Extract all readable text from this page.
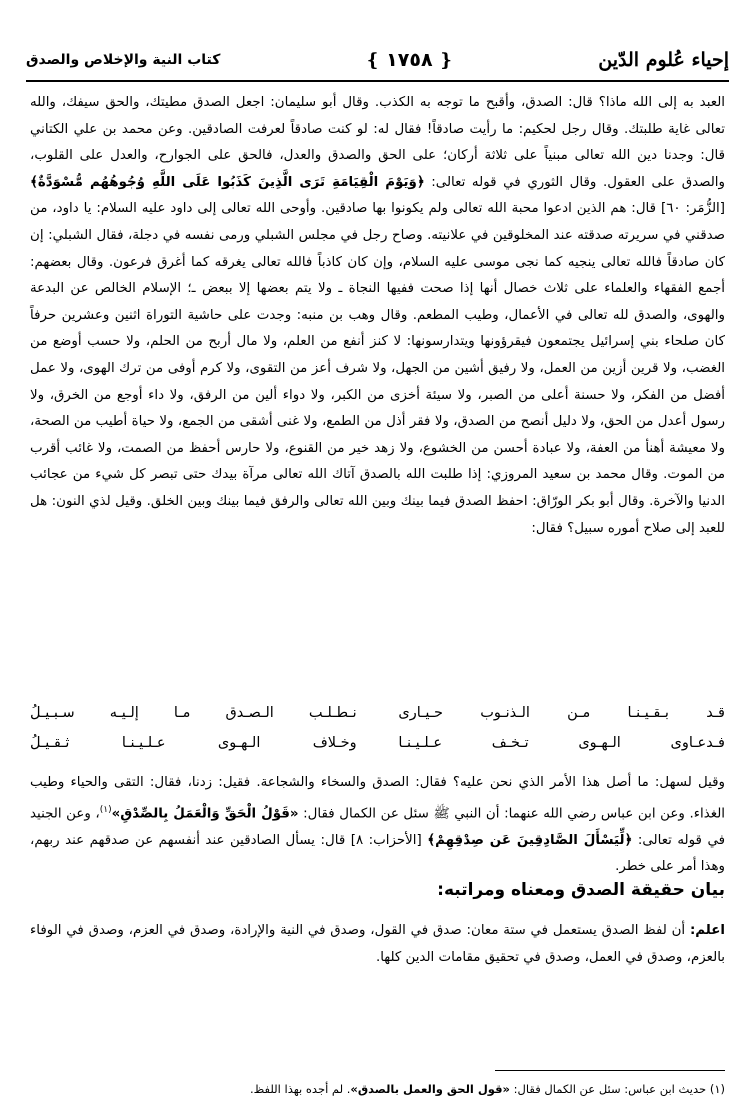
إحياء عُلوم الدّين
❴
١٧٥٨
❵
كتاب النية والإخلاص والصدق

العبد به إلى الله ماذا؟ قال: الصدق، وأقبح ما توجه به الكذب. وقال أبو سليمان: اجعل الصدق مطيتك، والحق سيفك، والله تعالى غاية طلبتك. وقال رجل لحكيم: ما رأيت صادقاً! فقال له: لو كنت صادقاً لعرفت الصادقين. وعن محمد بن علي الكتاني قال: وجدنا دين الله تعالى مبنياً على ثلاثة أركان؛ على الحق والصدق والعدل، فالحق على الجوارح، والعدل على القلوب، والصدق على العقول. وقال الثوري في قوله تعالى: ﴿وَيَوْمَ الْقِيَامَةِ تَرَى الَّذِينَ كَذَبُوا عَلَى اللَّهِ وُجُوهُهُم مُّسْوَدَّةٌ﴾ [الزُّمَر: ٦٠] قال: هم الذين ادعوا محبة الله تعالى ولم يكونوا بها صادقين. وأوحى الله تعالى إلى داود عليه السلام: يا داود، من صدقني في سريرته صدقته عند المخلوقين في علانيته. وصاح رجل في مجلس الشبلي ورمى نفسه في دجلة، فقال الشبلي: إن كان صادقاً فالله تعالى ينجيه كما نجى موسى عليه السلام، وإن كان كاذباً فالله تعالى يغرقه كما أغرق فرعون. وقال بعضهم: أجمع الفقهاء والعلماء على ثلاث خصال أنها إذا صحت ففيها النجاة ـ ولا يتم بعضها إلا ببعض ـ؛ الإسلام الخالص عن البدعة والهوى، والصدق لله تعالى في الأعمال، وطيب المطعم. وقال وهب بن منبه: وجدت على حاشية التوراة اثنين وعشرين حرفاً كان صلحاء بني إسرائيل يجتمعون فيقرؤونها ويتدارسونها: لا كنز أنفع من العلم، ولا مال أربح من الحلم، ولا حسب أوضع من الغضب، ولا قرين أزين من العمل، ولا رفيق أشين من الجهل، ولا شرف أعز من التقوى، ولا كرم أوفى من ترك الهوى، ولا عمل أفضل من الفكر، ولا حسنة أعلى من الصبر، ولا سيئة أخزى من الكبر، ولا دواء ألين من الرفق، ولا داء أوجع من الخرق، ولا رسول أعدل من الحق، ولا دليل أنصح من الصدق، ولا فقر أذل من الطمع، ولا غنى أشقى من الجمع، ولا حياة أطيب من الصحة، ولا معيشة أهنأ من العفة، ولا عبادة أحسن من الخشوع، ولا زهد خير من القنوع، ولا حارس أحفظ من الصمت، ولا غائب أقرب من الموت. وقال محمد بن سعيد المروزي: إذا طلبت الله بالصدق آتاك الله تعالى مرآة بيدك حتى تبصر كل شيء من عجائب الدنيا والآخرة. وقال أبو بكر الورّاق: احفظ الصدق فيما بينك وبين الله تعالى والرفق فيما بينك وبين الخلق. وقيل لذي النون: هل للعبد إلى صلاح أموره سبيل؟ فقال:

قـد بـقـيـنـا مـن الـذنـوب حـيـارى
نـطـلـب الـصـدق مـا إلـيـه سـبـيـلُ
فـدعـاوى الـهـوى تـخـف عـلـيـنـا
وخـلاف الـهـوى عـلـيـنـا ثـقـيـلُ
وقيل لسهل: ما أصل هذا الأمر الذي نحن عليه؟ فقال: الصدق والسخاء والشجاعة. فقيل: زدنا، فقال: التقى والحياء وطيب الغذاء. وعن ابن عباس رضي الله عنهما: أن النبي ﷺ سئل عن الكمال فقال: «قَوْلُ الْحَقِّ وَالْعَمَلُ بِالصِّدْقِ»$^{(١)}$، وعن الجنيد في قوله تعالى: ﴿لِّيَسْأَلَ الصَّادِقِينَ عَن صِدْقِهِمْ﴾ [الأحزاب: ٨] قال: يسأل الصادقين عند أنفسهم عن صدقهم عند ربهم، وهذا أمر على خطر.
بيان حقيقة الصدق ومعناه ومراتبه:
اعلم: أن لفظ الصدق يستعمل في ستة معان: صدق في القول، وصدق في النية والإرادة، وصدق في العزم، وصدق في الوفاء بالعزم، وصدق في العمل، وصدق في تحقيق مقامات الدين كلها.
(١) حديث ابن عباس: سئل عن الكمال فقال: «قول الحق والعمل بالصدق». لم أجده بهذا اللفظ.
